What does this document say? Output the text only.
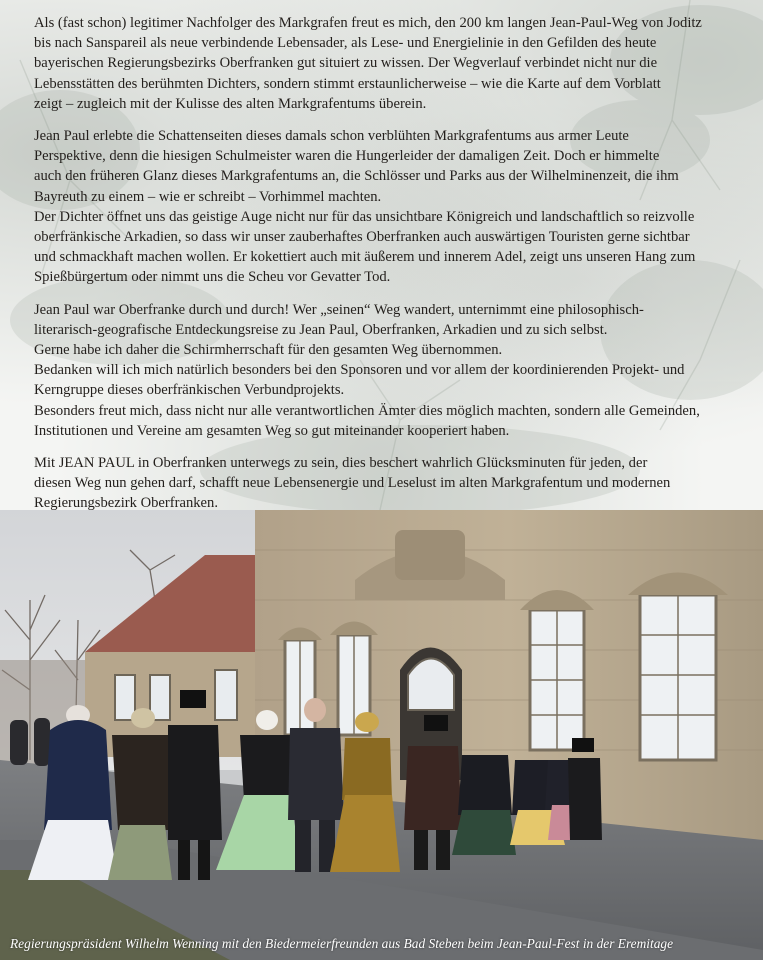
Als (fast schon) legitimer Nachfolger des Markgrafen freut es mich, den 200 km langen Jean-Paul-Weg von Joditz
bis nach Sanspareil als neue verbindende Lebensader, als Lese- und Energielinie in den Gefilden des heute
bayerischen Regierungsbezirks Oberfranken gut situiert zu wissen. Der Wegverlauf verbindet nicht nur die
Lebensstätten des berühmten Dichters, sondern stimmt erstaunlicherweise – wie die Karte auf dem Vorblatt
zeigt – zugleich mit der Kulisse des alten Markgrafentums überein.

Jean Paul erlebte die Schattenseiten dieses damals schon verblühten Markgrafentums aus armer Leute
Perspektive, denn die hiesigen Schulmeister waren die Hungerleider der damaligen Zeit. Doch er himmelte
auch den früheren Glanz dieses Markgrafentums an, die Schlösser und Parks aus der Wilhelminenzeit, die ihm
Bayreuth zu einem – wie er schreibt – Vorhimmel machten.
Der Dichter öffnet uns das geistige Auge nicht nur für das unsichtbare Königreich und landschaftlich so reizvolle
oberfränkische Arkadien, so dass wir unser zauberhaftes Oberfranken auch auswärtigen Touristen gerne sichtbar
und schmackhaft machen wollen. Er kokettiert auch mit äußerem und innerem Adel, zeigt uns unseren Hang zum
Spießbürgertum oder nimmt uns die Scheu vor Gevatter Tod.

Jean Paul war Oberfranke durch und durch! Wer „seinen“ Weg wandert, unternimmt eine philosophisch-
literarisch-geografische Entdeckungsreise zu Jean Paul, Oberfranken, Arkadien und zu sich selbst.
Gerne habe ich daher die Schirmherrschaft für den gesamten Weg übernommen.
Bedanken will ich mich natürlich besonders bei den Sponsoren und vor allem der koordinierenden Projekt- und
Kerngruppe dieses oberfränkischen Verbundprojekts.
Besonders freut mich, dass nicht nur alle verantwortlichen Ämter dies möglich machten, sondern alle Gemeinden,
Institutionen und Vereine am gesamten Weg so gut miteinander kooperiert haben.

Mit JEAN PAUL in Oberfranken unterwegs zu sein, dies beschert wahrlich Glücksminuten für jeden, der
diesen Weg nun gehen darf, schafft neue Lebensenergie und Leselust im alten Markgrafentum und modernen
Regierungsbezirk Oberfranken.

Regierungspräsident Wilhelm Wenning mit den Biedermeierfreunden aus Bad Steben beim Jean-Paul-Fest in der Eremitage
